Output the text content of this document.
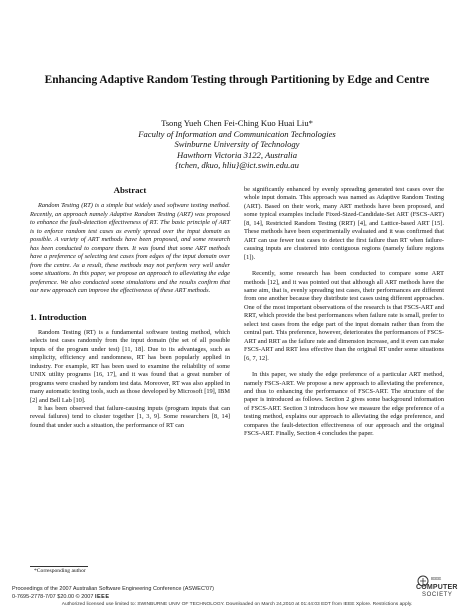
Enhancing Adaptive Random Testing through Partitioning by Edge and Centre
Tsong Yueh Chen Fei-Ching Kuo Huai Liu*
Faculty of Information and Communication Technologies
Swinburne University of Technology
Hawthorn Victoria 3122, Australia
{tchen, dkuo, hliu}@ict.swin.edu.au
Abstract

Random Testing (RT) is a simple but widely used software testing method. Recently, an approach namely Adaptive Random Testing (ART) was proposed to enhance the fault-detection effectiveness of RT. The basic principle of ART is to enforce random test cases as evenly spread over the input domain as possible. A variety of ART methods have been proposed, and some research has been conducted to compare them. It was found that some ART methods have a preference of selecting test cases from edges of the input domain over from the centre. As a result, these methods may not perform very well under some situations. In this paper, we propose an approach to alleviating the edge preference. We also conducted some simulations and the results confirm that our new approach can improve the effectiveness of these ART methods.

1. Introduction

Random Testing (RT) is a fundamental software testing method, which selects test cases randomly from the input domain (the set of all possible inputs of the program under test) [11, 18]. Due to its advantages, such as simplicity, efficiency and randomness, RT has been popularly applied in industry. For example, RT has been used to examine the reliability of some UNIX utility programs [16, 17], and it was found that a great number of programs were crashed by random test data. Moreover, RT was also applied in many automatic testing tools, such as those developed by Microsoft [19], IBM [2] and Bell Lab [10].

It has been observed that failure-causing inputs (program inputs that can reveal failures) tend to cluster together [1, 3, 9]. Some researchers [8, 14] found that under such a situation, the performance of RT can

be significantly enhanced by evenly spreading generated test cases over the whole input domain. This approach was named as Adaptive Random Testing (ART). Based on their work, many ART methods have been proposed, and some typical examples include Fixed-Sized-Candidate-Set ART (FSCS-ART) [8, 14], Restricted Random Testing (RRT) [4], and Lattice-based ART [15]. These methods have been experimentally evaluated and it was confirmed that ART can use fewer test cases to detect the first failure than RT when failure-causing inputs are clustered into contiguous regions (namely failure regions [1]).

Recently, some research has been conducted to compare some ART methods [12], and it was pointed out that although all ART methods have the same aim, that is, evenly spreading test cases, their performances are different from one another because they distribute test cases using different approaches. One of the most important observations of the research is that FSCS-ART and RRT, which provide the best performances when failure rate is small, prefer to select test cases from the edge part of the input domain rather than from the central part. This preference, however, deteriorates the performances of FSCS-ART and RRT as the failure rate and dimension increase, and it even can make FSCS-ART and RRT less effective than the original RT under some situations [6, 7, 12].

In this paper, we study the edge preference of a particular ART method, namely FSCS-ART. We propose a new approach to alleviating the preference, and thus to enhancing the performance of FSCS-ART. The structure of the paper is introduced as follows. Section 2 gives some background information of FSCS-ART. Section 3 introduces how we measure the edge preference of a testing method, explains our approach to alleviating the edge preference, and compares the fault-detection effectiveness of our approach and the original FSCS-ART. Finally, Section 4 concludes the paper.

*Corresponding author
Proceedings of the 2007 Australian Software Engineering Conference (ASWEC'07)
0-7695-2778-7/07 $20.00 © 2007 IEEE
IEEE
COMPUTER
SOCIETY
Authorized licensed use limited to: SWINBURNE UNIV OF TECHNOLOGY. Downloaded on March 24,2010 at 01:44:03 EDT from IEEE Xplore. Restrictions apply.
